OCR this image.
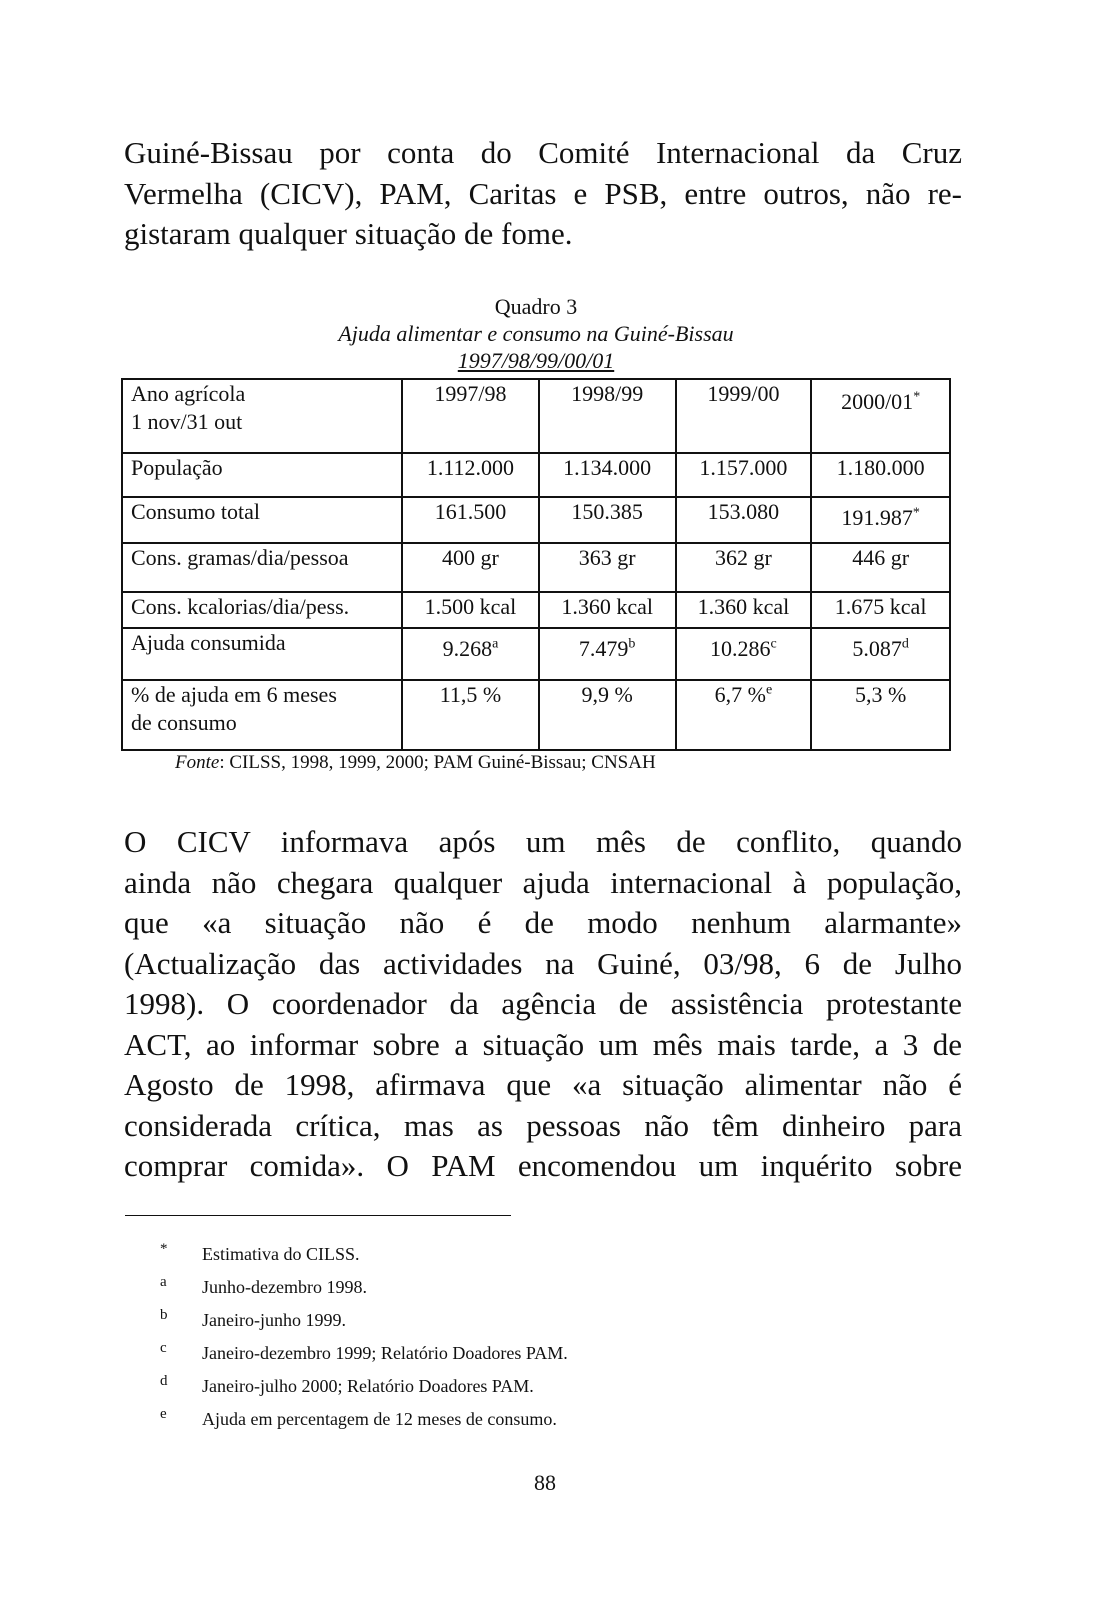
Guiné-Bissau por conta do Comité Internacional da Cruz
Vermelha (CICV), PAM, Caritas e PSB, entre outros, não re-
gistaram qualquer situação de fome.
Quadro 3
Ajuda alimentar e consumo na Guiné-Bissau
1997/98/99/00/01
Ano agrícola
1 nov/31 out	1997/98	1998/99	1999/00	2000/01*

População	1.112.000	1.134.000	1.157.000	1.180.000

Consumo total	161.500	150.385	153.080	191.987*

Cons. gramas/dia/pessoa	400 gr	363 gr	362 gr	446 gr

Cons. kcalorias/dia/pess.	1.500 kcal	1.360 kcal	1.360 kcal	1.675 kcal

Ajuda consumida	9.268$^a$	7.479$^b$	10.286$^c$	5.087$^d$

% de ajuda em 6 meses
de consumo	11,5 %	9,9 %	6,7 %$^e$	5,3 %
Fonte: CILSS, 1998, 1999, 2000; PAM Guiné-Bissau; CNSAH
O CICV informava após um mês de conflito, quando
ainda não chegara qualquer ajuda internacional à população,
que «a situação não é de modo nenhum alarmante»
(Actualização das actividades na Guiné, 03/98, 6 de Julho
1998). O coordenador da agência de assistência protestante
ACT, ao informar sobre a situação um mês mais tarde, a 3 de
Agosto de 1998, afirmava que «a situação alimentar não é
considerada crítica, mas as pessoas não têm dinheiro para
comprar comida». O PAM encomendou um inquérito sobre
*	Estimativa do CILSS.
a	Junho-dezembro 1998.
b	Janeiro-junho 1999.
c	Janeiro-dezembro 1999; Relatório Doadores PAM.
d	Janeiro-julho 2000; Relatório Doadores PAM.
e	Ajuda em percentagem de 12 meses de consumo.
88
